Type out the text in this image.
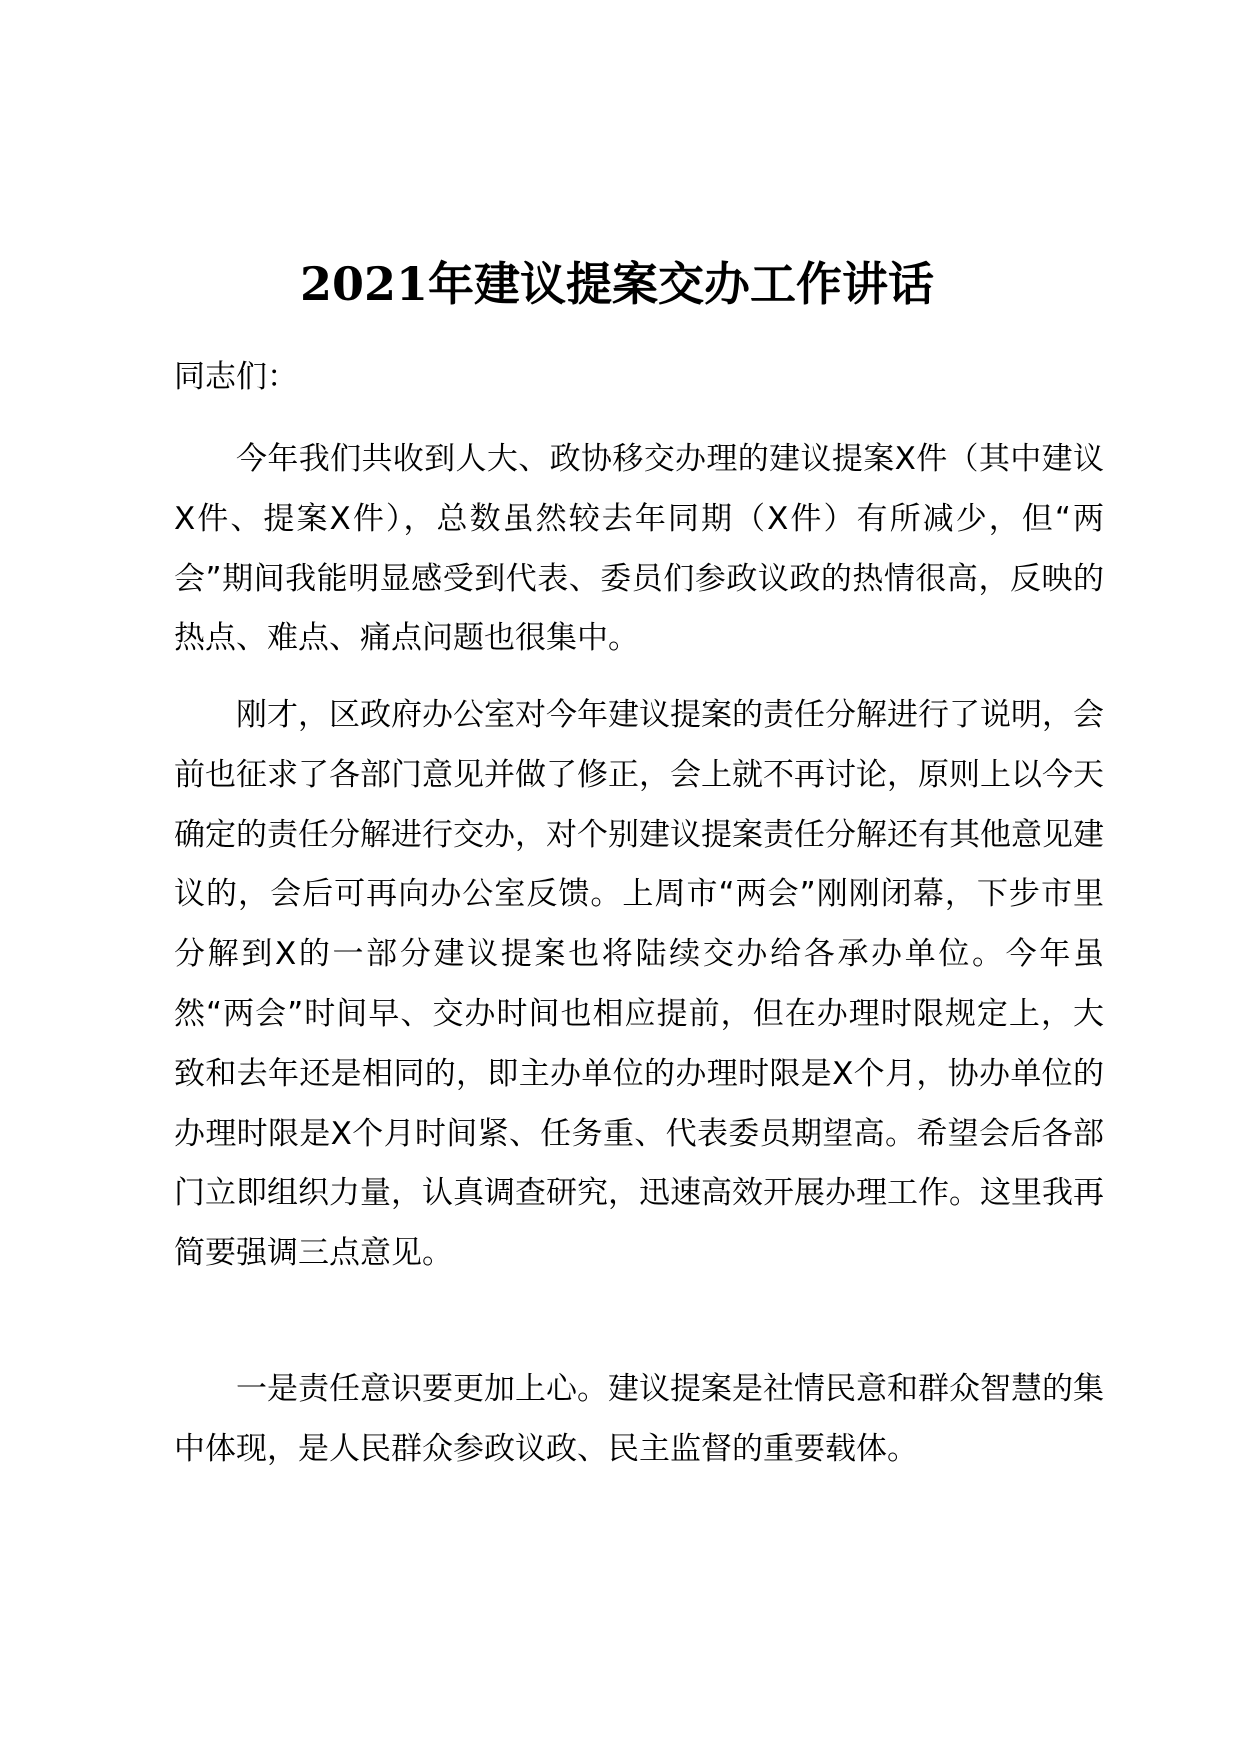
2021年建议提案交办工作讲话

同志们：

今年我们共收到人大、政协移交办理的建议提案X件（其中建议X件、提案X件），总数虽然较去年同期（X件）有所减少，但“两会”期间我能明显感受到代表、委员们参政议政的热情很高，反映的热点、难点、痛点问题也很集中。

刚才，区政府办公室对今年建议提案的责任分解进行了说明，会前也征求了各部门意见并做了修正，会上就不再讨论，原则上以今天确定的责任分解进行交办，对个别建议提案责任分解还有其他意见建议的，会后可再向办公室反馈。上周市“两会”刚刚闭幕，下步市里分解到X的一部分建议提案也将陆续交办给各承办单位。今年虽然“两会”时间早、交办时间也相应提前，但在办理时限规定上，大致和去年还是相同的，即主办单位的办理时限是X个月，协办单位的办理时限是X个月时间紧、任务重、代表委员期望高。希望会后各部门立即组织力量，认真调查研究，迅速高效开展办理工作。这里我再简要强调三点意见。

一是责任意识要更加上心。建议提案是社情民意和群众智慧的集中体现，是人民群众参政议政、民主监督的重要载体。
